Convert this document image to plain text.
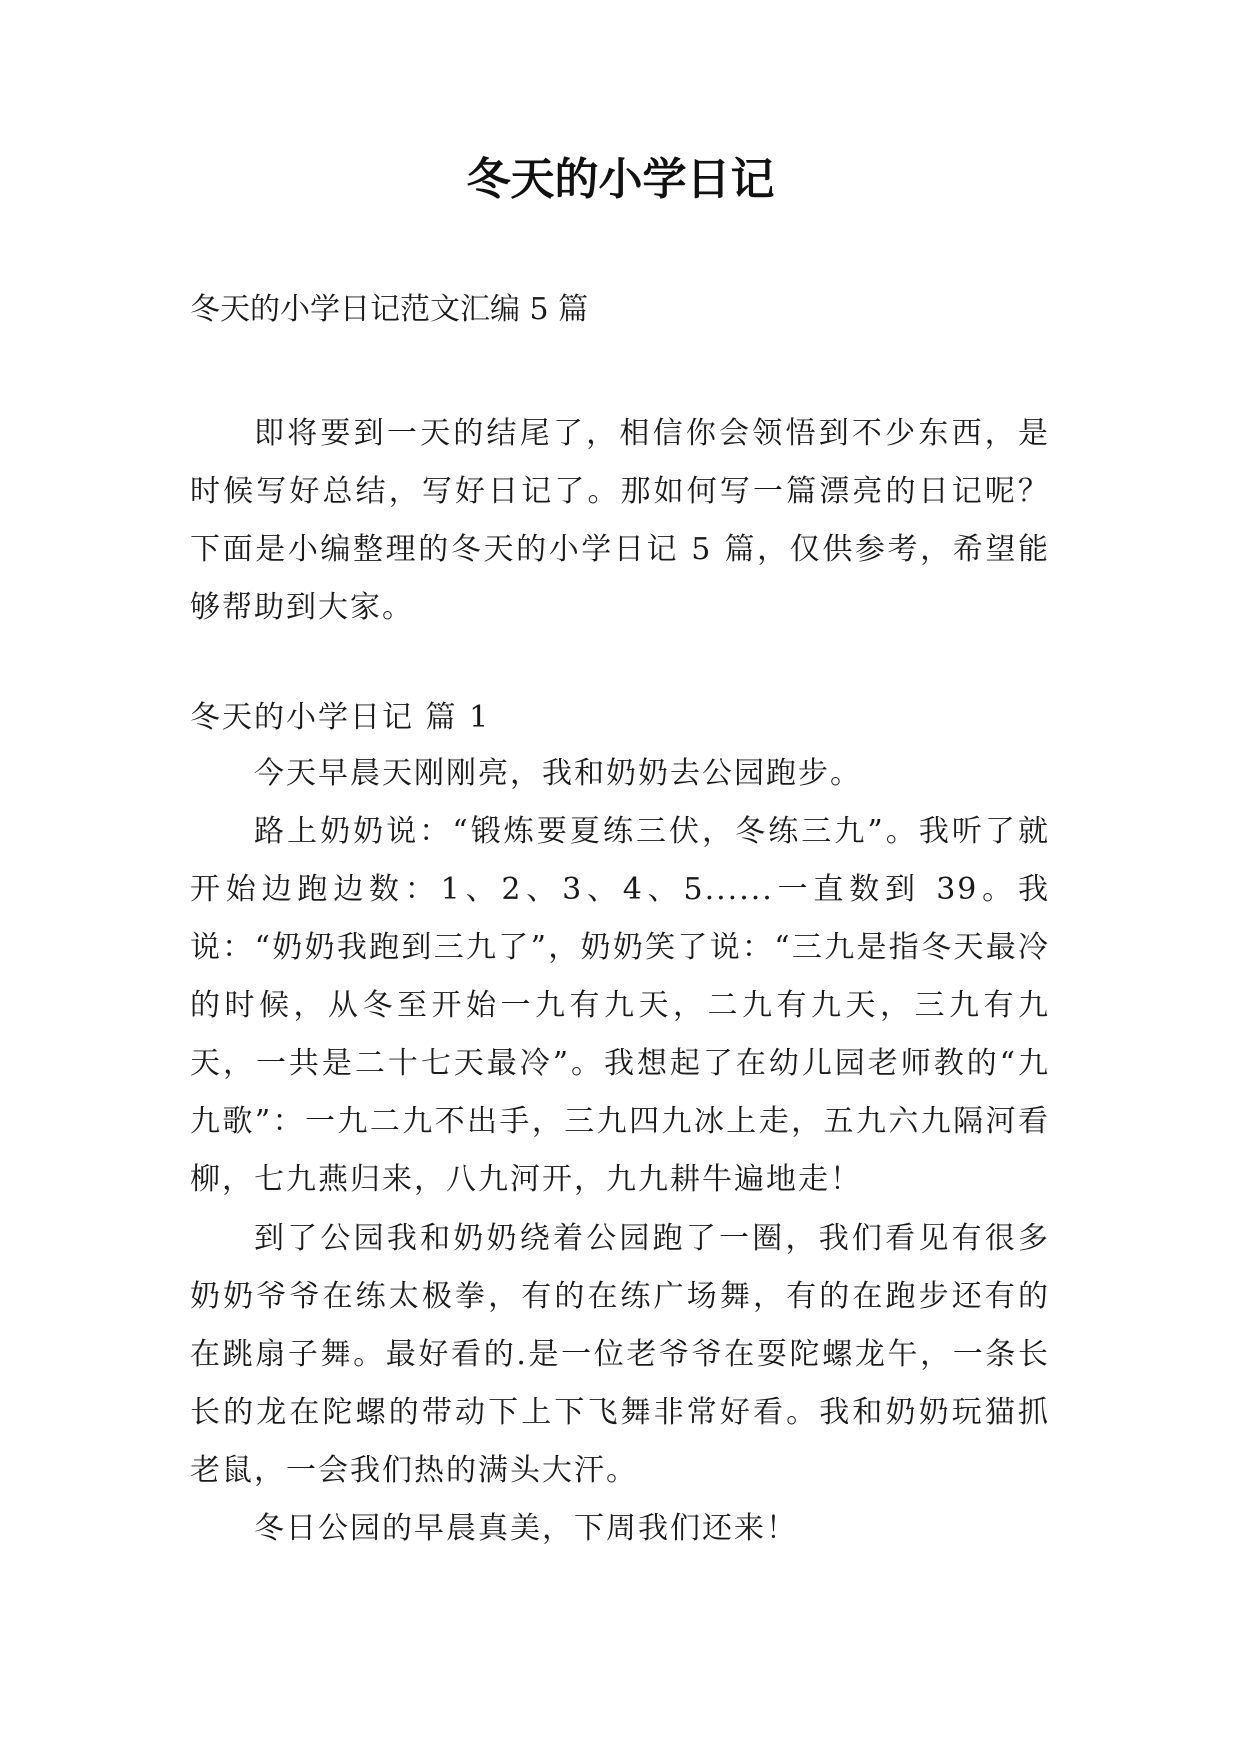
冬天的小学日记
冬天的小学日记范文汇编 5 篇

即将要到一天的结尾了，相信你会领悟到不少东西，是时候写好总结，写好日记了。那如何写一篇漂亮的日记呢？下面是小编整理的冬天的小学日记 5 篇，仅供参考，希望能够帮助到大家。

冬天的小学日记 篇 1

今天早晨天刚刚亮，我和奶奶去公园跑步。

路上奶奶说：“锻炼要夏练三伏，冬练三九”。我听了就开始边跑边数：1、2、3、4、5......一直数到 39。我说：“奶奶我跑到三九了”，奶奶笑了说：“三九是指冬天最冷的时候，从冬至开始一九有九天，二九有九天，三九有九天，一共是二十七天最冷”。我想起了在幼儿园老师教的“九九歌”：一九二九不出手，三九四九冰上走，五九六九隔河看柳，七九燕归来，八九河开，九九耕牛遍地走！

到了公园我和奶奶绕着公园跑了一圈，我们看见有很多奶奶爷爷在练太极拳，有的在练广场舞，有的在跑步还有的在跳扇子舞。最好看的.是一位老爷爷在耍陀螺龙午，一条长长的龙在陀螺的带动下上下飞舞非常好看。我和奶奶玩猫抓老鼠，一会我们热的满头大汗。

冬日公园的早晨真美，下周我们还来！
